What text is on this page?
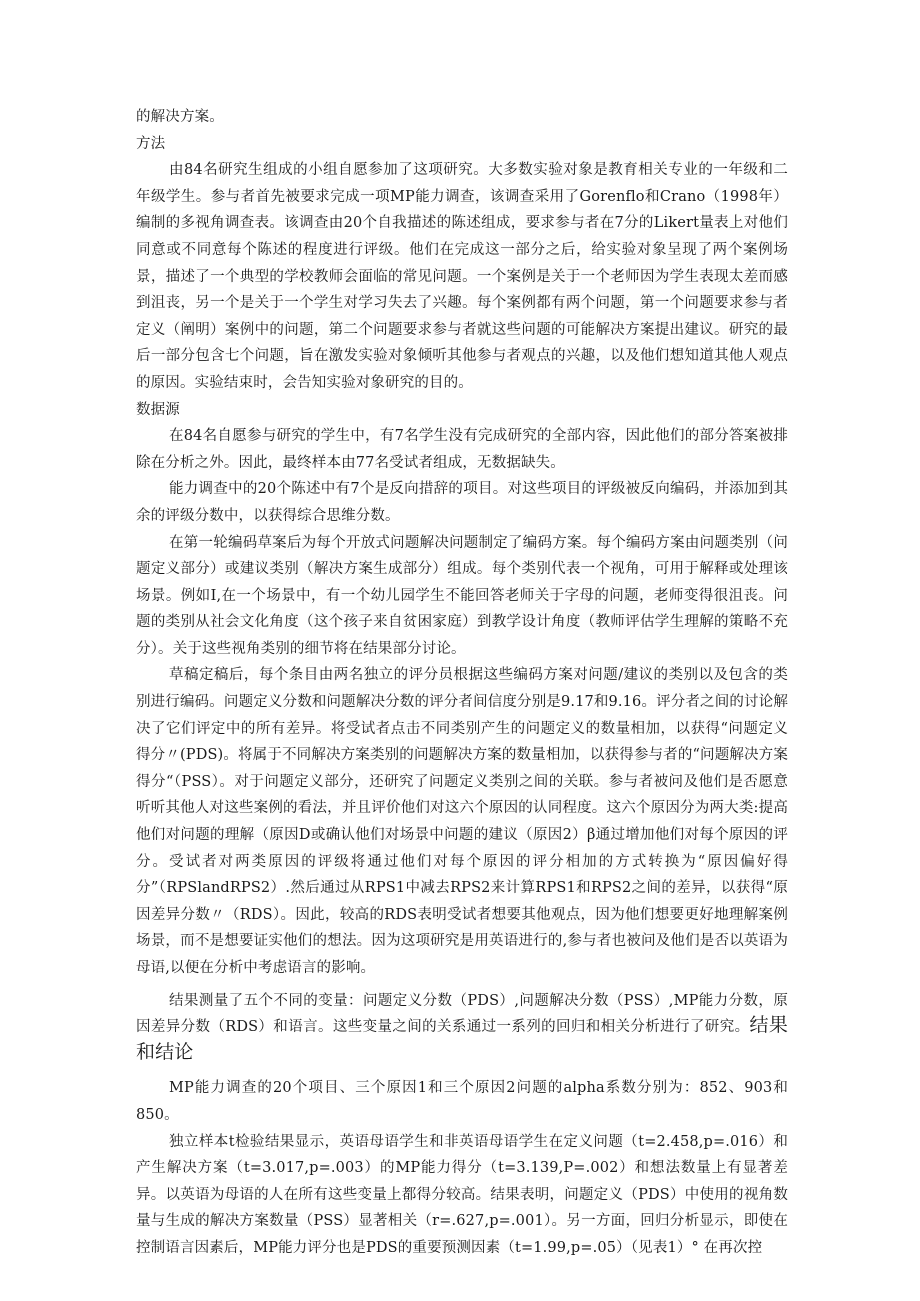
的解决方案。

方法

由84名研究生组成的小组自愿参加了这项研究。大多数实验对象是教育相关专业的一年级和二年级学生。参与者首先被要求完成一项MP能力调查，该调查采用了Gorenflo和Crano（1998年）编制的多视角调查表。该调查由20个自我描述的陈述组成，要求参与者在7分的Likert量表上对他们同意或不同意每个陈述的程度进行评级。他们在完成这一部分之后，给实验对象呈现了两个案例场景，描述了一个典型的学校教师会面临的常见问题。一个案例是关于一个老师因为学生表现太差而感到沮丧，另一个是关于一个学生对学习失去了兴趣。每个案例都有两个问题，第一个问题要求参与者定义（阐明）案例中的问题，第二个问题要求参与者就这些问题的可能解决方案提出建议。研究的最后一部分包含七个问题，旨在激发实验对象倾听其他参与者观点的兴趣，以及他们想知道其他人观点的原因。实验结束时，会告知实验对象研究的目的。

数据源

在84名自愿参与研究的学生中，有7名学生没有完成研究的全部内容，因此他们的部分答案被排除在分析之外。因此，最终样本由77名受试者组成，无数据缺失。

能力调查中的20个陈述中有7个是反向措辞的项目。对这些项目的评级被反向编码，并添加到其余的评级分数中，以获得综合思维分数。

在第一轮编码草案后为每个开放式问题解决问题制定了编码方案。每个编码方案由问题类别（问题定义部分）或建议类别（解决方案生成部分）组成。每个类别代表一个视角，可用于解释或处理该场景。例如I,在一个场景中，有一个幼儿园学生不能回答老师关于字母的问题，老师变得很沮丧。问题的类别从社会文化角度（这个孩子来自贫困家庭）到教学设计角度（教师评估学生理解的策略不充分）。关于这些视角类别的细节将在结果部分讨论。

草稿定稿后，每个条目由两名独立的评分员根据这些编码方案对问题/建议的类别以及包含的类别进行编码。问题定义分数和问题解决分数的评分者间信度分别是9.17和9.16。评分者之间的讨论解决了它们评定中的所有差异。将受试者点击不同类别产生的问题定义的数量相加，以获得“问题定义得分〃(PDS)。将属于不同解决方案类别的问题解决方案的数量相加，以获得参与者的“问题解决方案得分“（PSS）。对于问题定义部分，还研究了问题定义类别之间的关联。参与者被问及他们是否愿意听听其他人对这些案例的看法，并且评价他们对这六个原因的认同程度。这六个原因分为两大类:提高他们对问题的理解（原因D或确认他们对场景中问题的建议（原因2）β通过增加他们对每个原因的评分。受试者对两类原因的评级将通过他们对每个原因的评分相加的方式转换为“原因偏好得分”（RPSlandRPS2）.然后通过从RPS1中减去RPS2来计算RPS1和RPS2之间的差异，以获得“原因差异分数〃（RDS）。因此，较高的RDS表明受试者想要其他观点，因为他们想要更好地理解案例场景，而不是想要证实他们的想法。因为这项研究是用英语进行的,参与者也被问及他们是否以英语为母语,以便在分析中考虑语言的影响。

结果测量了五个不同的变量：问题定义分数（PDS）,问题解决分数（PSS）,MP能力分数，原因差异分数（RDS）和语言。这些变量之间的关系通过一系列的回归和相关分析进行了研究。结果和结论

MP能力调查的20个项目、三个原因1和三个原因2问题的alpha系数分别为：852、903和850。

独立样本t检验结果显示，英语母语学生和非英语母语学生在定义问题（t=2.458,p=.016）和产生解决方案（t=3.017,p=.003）的MP能力得分（t=3.139,P=.002）和想法数量上有显著差异。以英语为母语的人在所有这些变量上都得分较高。结果表明，问题定义（PDS）中使用的视角数量与生成的解决方案数量（PSS）显著相关（r=.627,p=.001）。另一方面，回归分析显示，即使在控制语言因素后，MP能力评分也是PDS的重要预测因素（t=1.99,p=.05）（见表1）° 在再次控
